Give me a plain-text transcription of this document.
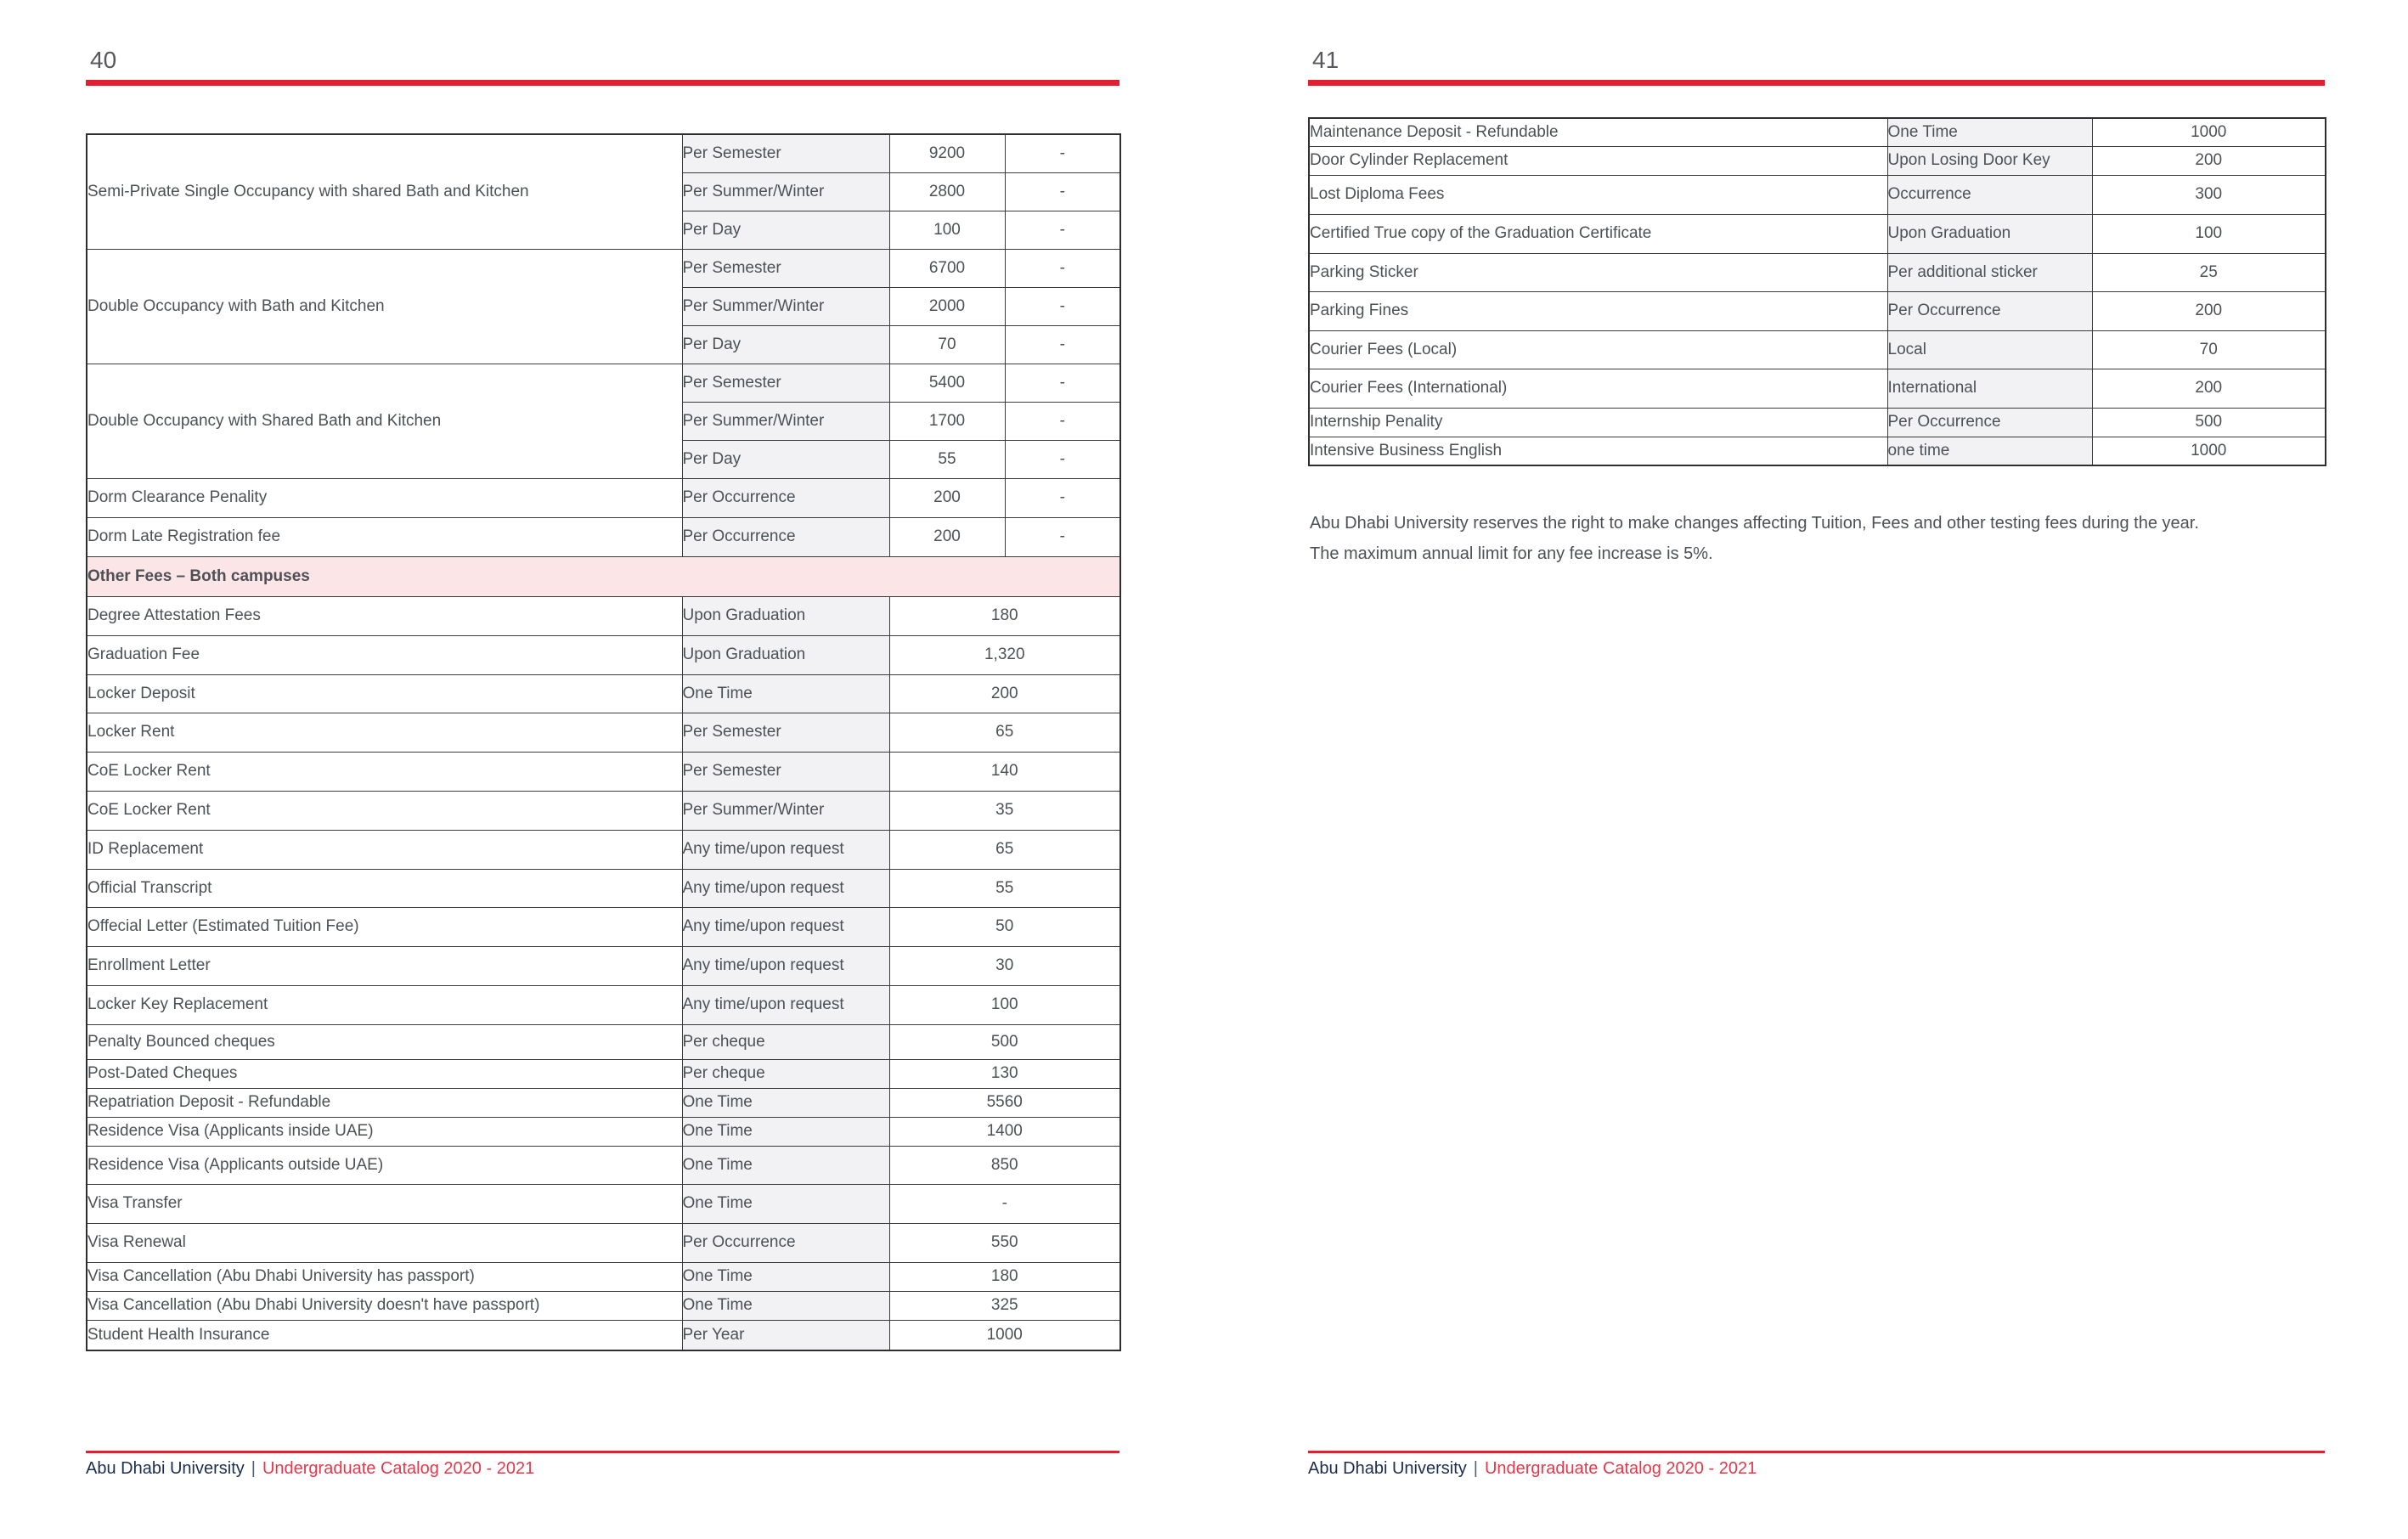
40
Semi-Private Single Occupancy with shared Bath and Kitchen	Per Semester	9200	-
	Per Summer/Winter	2800	-
	Per Day	100	-
Double Occupancy with Bath and Kitchen	Per Semester	6700	-
	Per Summer/Winter	2000	-
	Per Day	70	-
Double Occupancy with Shared Bath and Kitchen	Per Semester	5400	-
	Per Summer/Winter	1700	-
	Per Day	55	-
Dorm Clearance Penality	Per Occurrence	200	-
Dorm Late Registration fee	Per Occurrence	200	-
Other Fees – Both campuses			
Degree Attestation Fees	Upon Graduation	180	
Graduation Fee	Upon Graduation	1,320	
Locker Deposit	One Time	200	
Locker Rent	Per Semester	65	
CoE Locker Rent	Per Semester	140	
CoE Locker Rent	Per Summer/Winter	35	
ID Replacement	Any time/upon request	65	
Official Transcript	Any time/upon request	55	
Offecial Letter (Estimated Tuition Fee)	Any time/upon request	50	
Enrollment Letter	Any time/upon request	30	
Locker Key Replacement	Any time/upon request	100	
Penalty Bounced cheques	Per cheque	500	
Post-Dated Cheques	Per cheque	130	
Repatriation Deposit - Refundable	One Time	5560	
Residence Visa (Applicants inside UAE)	One Time	1400	
Residence Visa (Applicants outside UAE)	One Time	850	
Visa Transfer	One Time	-	
Visa Renewal	Per Occurrence	550	
Visa Cancellation (Abu Dhabi University has passport)	One Time	180	
Visa Cancellation (Abu Dhabi University doesn't have passport)	One Time	325	
Student Health Insurance	Per Year	1000	
Abu Dhabi University | Undergraduate Catalog 2020 - 2021
41
Maintenance Deposit - Refundable	One Time	1000
Door Cylinder Replacement	Upon Losing Door Key	200
Lost Diploma Fees	Occurrence	300
Certified True copy of the Graduation Certificate	Upon Graduation	100
Parking Sticker	Per additional sticker	25
Parking Fines	Per Occurrence	200
Courier Fees (Local)	Local	70
Courier Fees (International)	International	200
Internship Penality	Per Occurrence	500
Intensive Business English	one time	1000
Abu Dhabi University reserves the right to make changes affecting Tuition, Fees and other testing fees during the year.
The maximum annual limit for any fee increase is 5%.
Abu Dhabi University | Undergraduate Catalog 2020 - 2021
